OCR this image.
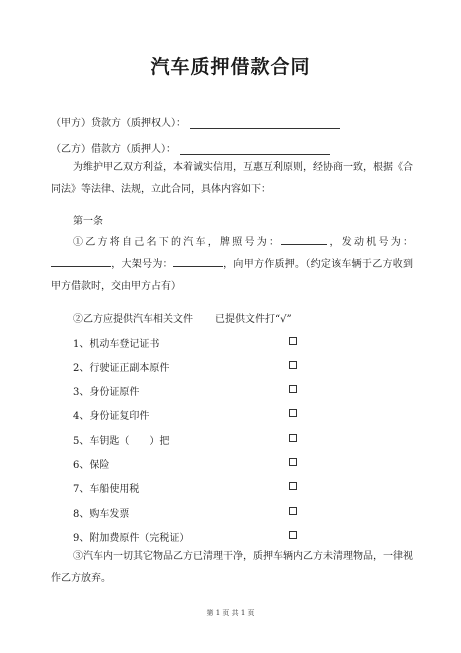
汽车质押借款合同
（甲方）贷款方（质押权人）：
（乙方）借款方（质押人）：
为维护甲乙双方利益，本着诚实信用，互惠互利原则，经协商一致，根据《合同法》等法律、法规，立此合同，具体内容如下：
第一条
①乙方将自己名下的汽车，牌照号为：	，发动机号为：，大架号为：	，向甲方作质押。（约定该车辆于乙方收到甲方借款时，交由甲方占有）
②乙方应提供汽车相关文件 已提供文件打“√”
1、机动车登记证书
2、行驶证正副本原件
3、身份证原件
4、身份证复印件
5、车钥匙（　　）把
6、保险
7、车船使用税
8、购车发票
9、附加费原件（完税证）
③汽车内一切其它物品乙方已清理干净，质押车辆内乙方未清理物品，一律视作乙方放弃。
第 1 页 共 1 页
